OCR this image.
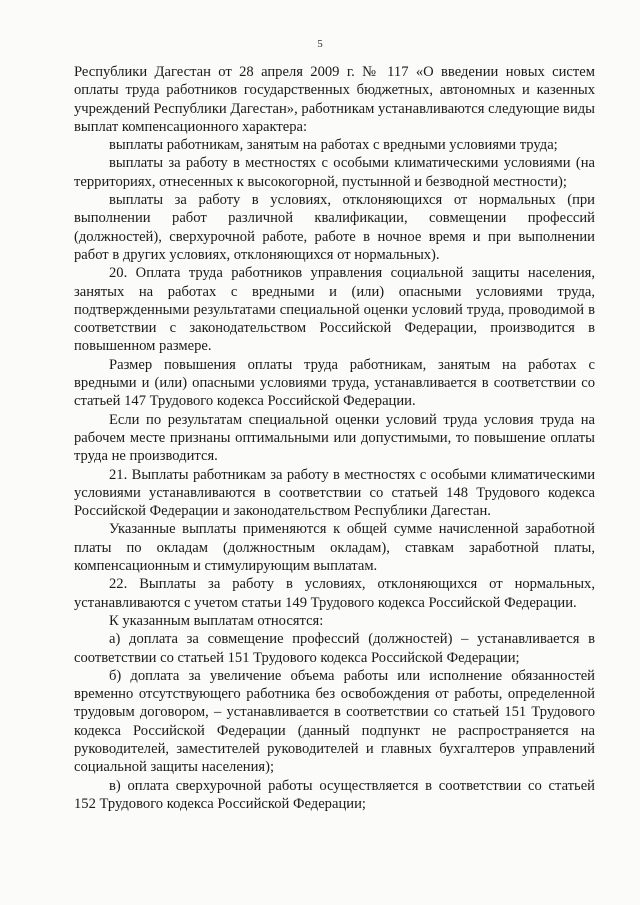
5

Республики Дагестан от 28 апреля 2009 г. № 117 «О введении новых систем оплаты труда работников государственных бюджетных, автономных и казенных учреждений Республики Дагестан», работникам устанавливаются следующие виды выплат компенсационного характера:

выплаты работникам, занятым на работах с вредными условиями труда;

выплаты за работу в местностях с особыми климатическими условиями (на территориях, отнесенных к высокогорной, пустынной и безводной местности);

выплаты за работу в условиях, отклоняющихся от нормальных (при выполнении работ различной квалификации, совмещении профессий (должностей), сверхурочной работе, работе в ночное время и при выполнении работ в других условиях, отклоняющихся от нормальных).

20. Оплата труда работников управления социальной защиты населения, занятых на работах с вредными и (или) опасными условиями труда, подтвержденными результатами специальной оценки условий труда, проводимой в соответствии с законодательством Российской Федерации, производится в повышенном размере.

Размер повышения оплаты труда работникам, занятым на работах с вредными и (или) опасными условиями труда, устанавливается в соответствии со статьей 147 Трудового кодекса Российской Федерации.

Если по результатам специальной оценки условий труда условия труда на рабочем месте признаны оптимальными или допустимыми, то повышение оплаты труда не производится.

21. Выплаты работникам за работу в местностях с особыми климатическими условиями устанавливаются в соответствии со статьей 148 Трудового кодекса Российской Федерации и законодательством Республики Дагестан.

Указанные выплаты применяются к общей сумме начисленной заработной платы по окладам (должностным окладам), ставкам заработной платы, компенсационным и стимулирующим выплатам.

22. Выплаты за работу в условиях, отклоняющихся от нормальных, устанавливаются с учетом статьи 149 Трудового кодекса Российской Федерации.

К указанным выплатам относятся:

а) доплата за совмещение профессий (должностей) – устанавливается в соответствии со статьей 151 Трудового кодекса Российской Федерации;

б) доплата за увеличение объема работы или исполнение обязанностей временно отсутствующего работника без освобождения от работы, определенной трудовым договором, – устанавливается в соответствии со статьей 151 Трудового кодекса Российской Федерации (данный подпункт не распространяется на руководителей, заместителей руководителей и главных бухгалтеров управлений социальной защиты населения);

в) оплата сверхурочной работы осуществляется в соответствии со статьей 152 Трудового кодекса Российской Федерации;
